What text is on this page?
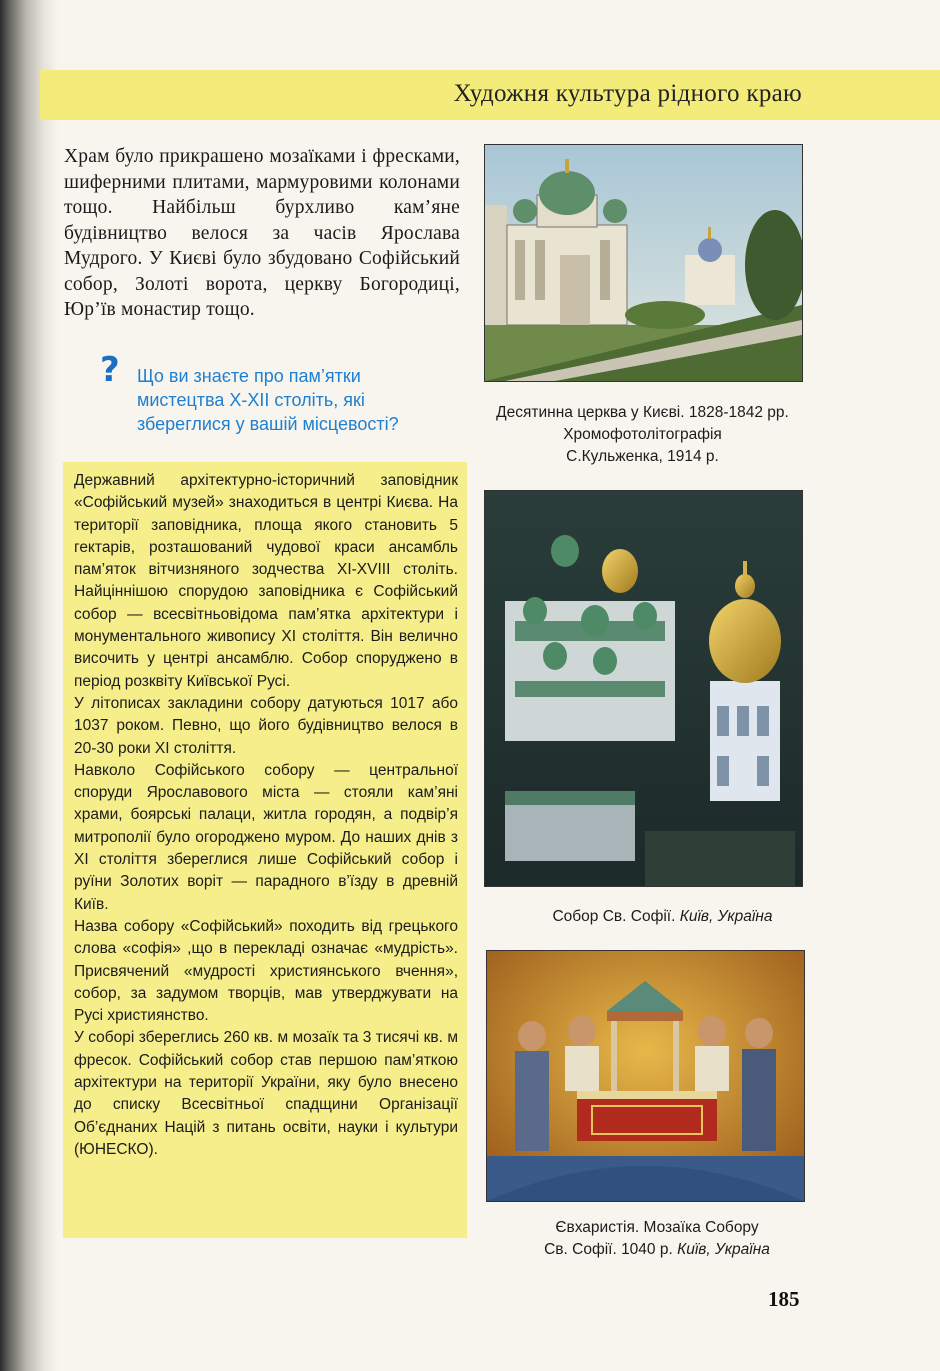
Художня культура рідного краю
Храм було прикрашено мозаїками і фресками, шиферними плитами, мармуровими колонами тощо. Найбільш бурхливо кам’яне будівництво велося за часів Ярослава Мудрого. У Києві було збудовано Софійський собор, Золоті ворота, церкву Богородиці, Юр’їв монастир тощо.
? Що ви знаєте про пам’ятки мистецтва X-XII століть, які збереглися у вашій місцевості?

Державний архітектурно-історичний заповідник «Софійський музей» знаходиться в центрі Києва. На території заповідника, площа якого становить 5 гектарів, розташований чудової краси ансамбль пам’яток вітчизняного зодчества XI-XVIII століть. Найціннішою спорудою заповідника є Софійський собор — всесвітньовідома пам’ятка архітектури і монументального живопису XI століття. Він велично височить у центрі ансамблю. Собор споруджено в період розквіту Київської Русі.

У літописах закладини собору датуються 1017 або 1037 роком. Певно, що його будівництво велося в 20-30 роки XI століття.

Навколо Софійського собору — центральної споруди Ярославового міста — стояли кам’яні храми, боярські палаци, житла городян, а подвір’я митрополії було огороджено муром. До наших днів з XI століття збереглися лише Софійський собор і руїни Золотих воріт — парадного в’їзду в древній Київ.

Назва собору «Софійський» походить від грецького слова «софія» ,що в перекладі означає «мудрість». Присвячений «мудрості християнського вчення», собор, за задумом творців, мав утверджувати на Русі християнство.

У соборі збереглись 260 кв. м мозаїк та 3 тисячі кв. м фресок. Софійський собор став першою пам’яткою архітектури на території України, яку було внесено до списку Всесвітньої спадщини Організації Об’єднаних Націй з питань освіти, науки і культури (ЮНЕСКО).

Десятинна церква у Києві. 1828-1842 рр.
Хромофотолітографія
С.Кульженка, 1914 р.
Собор Св. Софії. Київ, Україна
Євхаристія. Мозаїка Собору
Св. Софії. 1040 р. Київ, Україна
185
